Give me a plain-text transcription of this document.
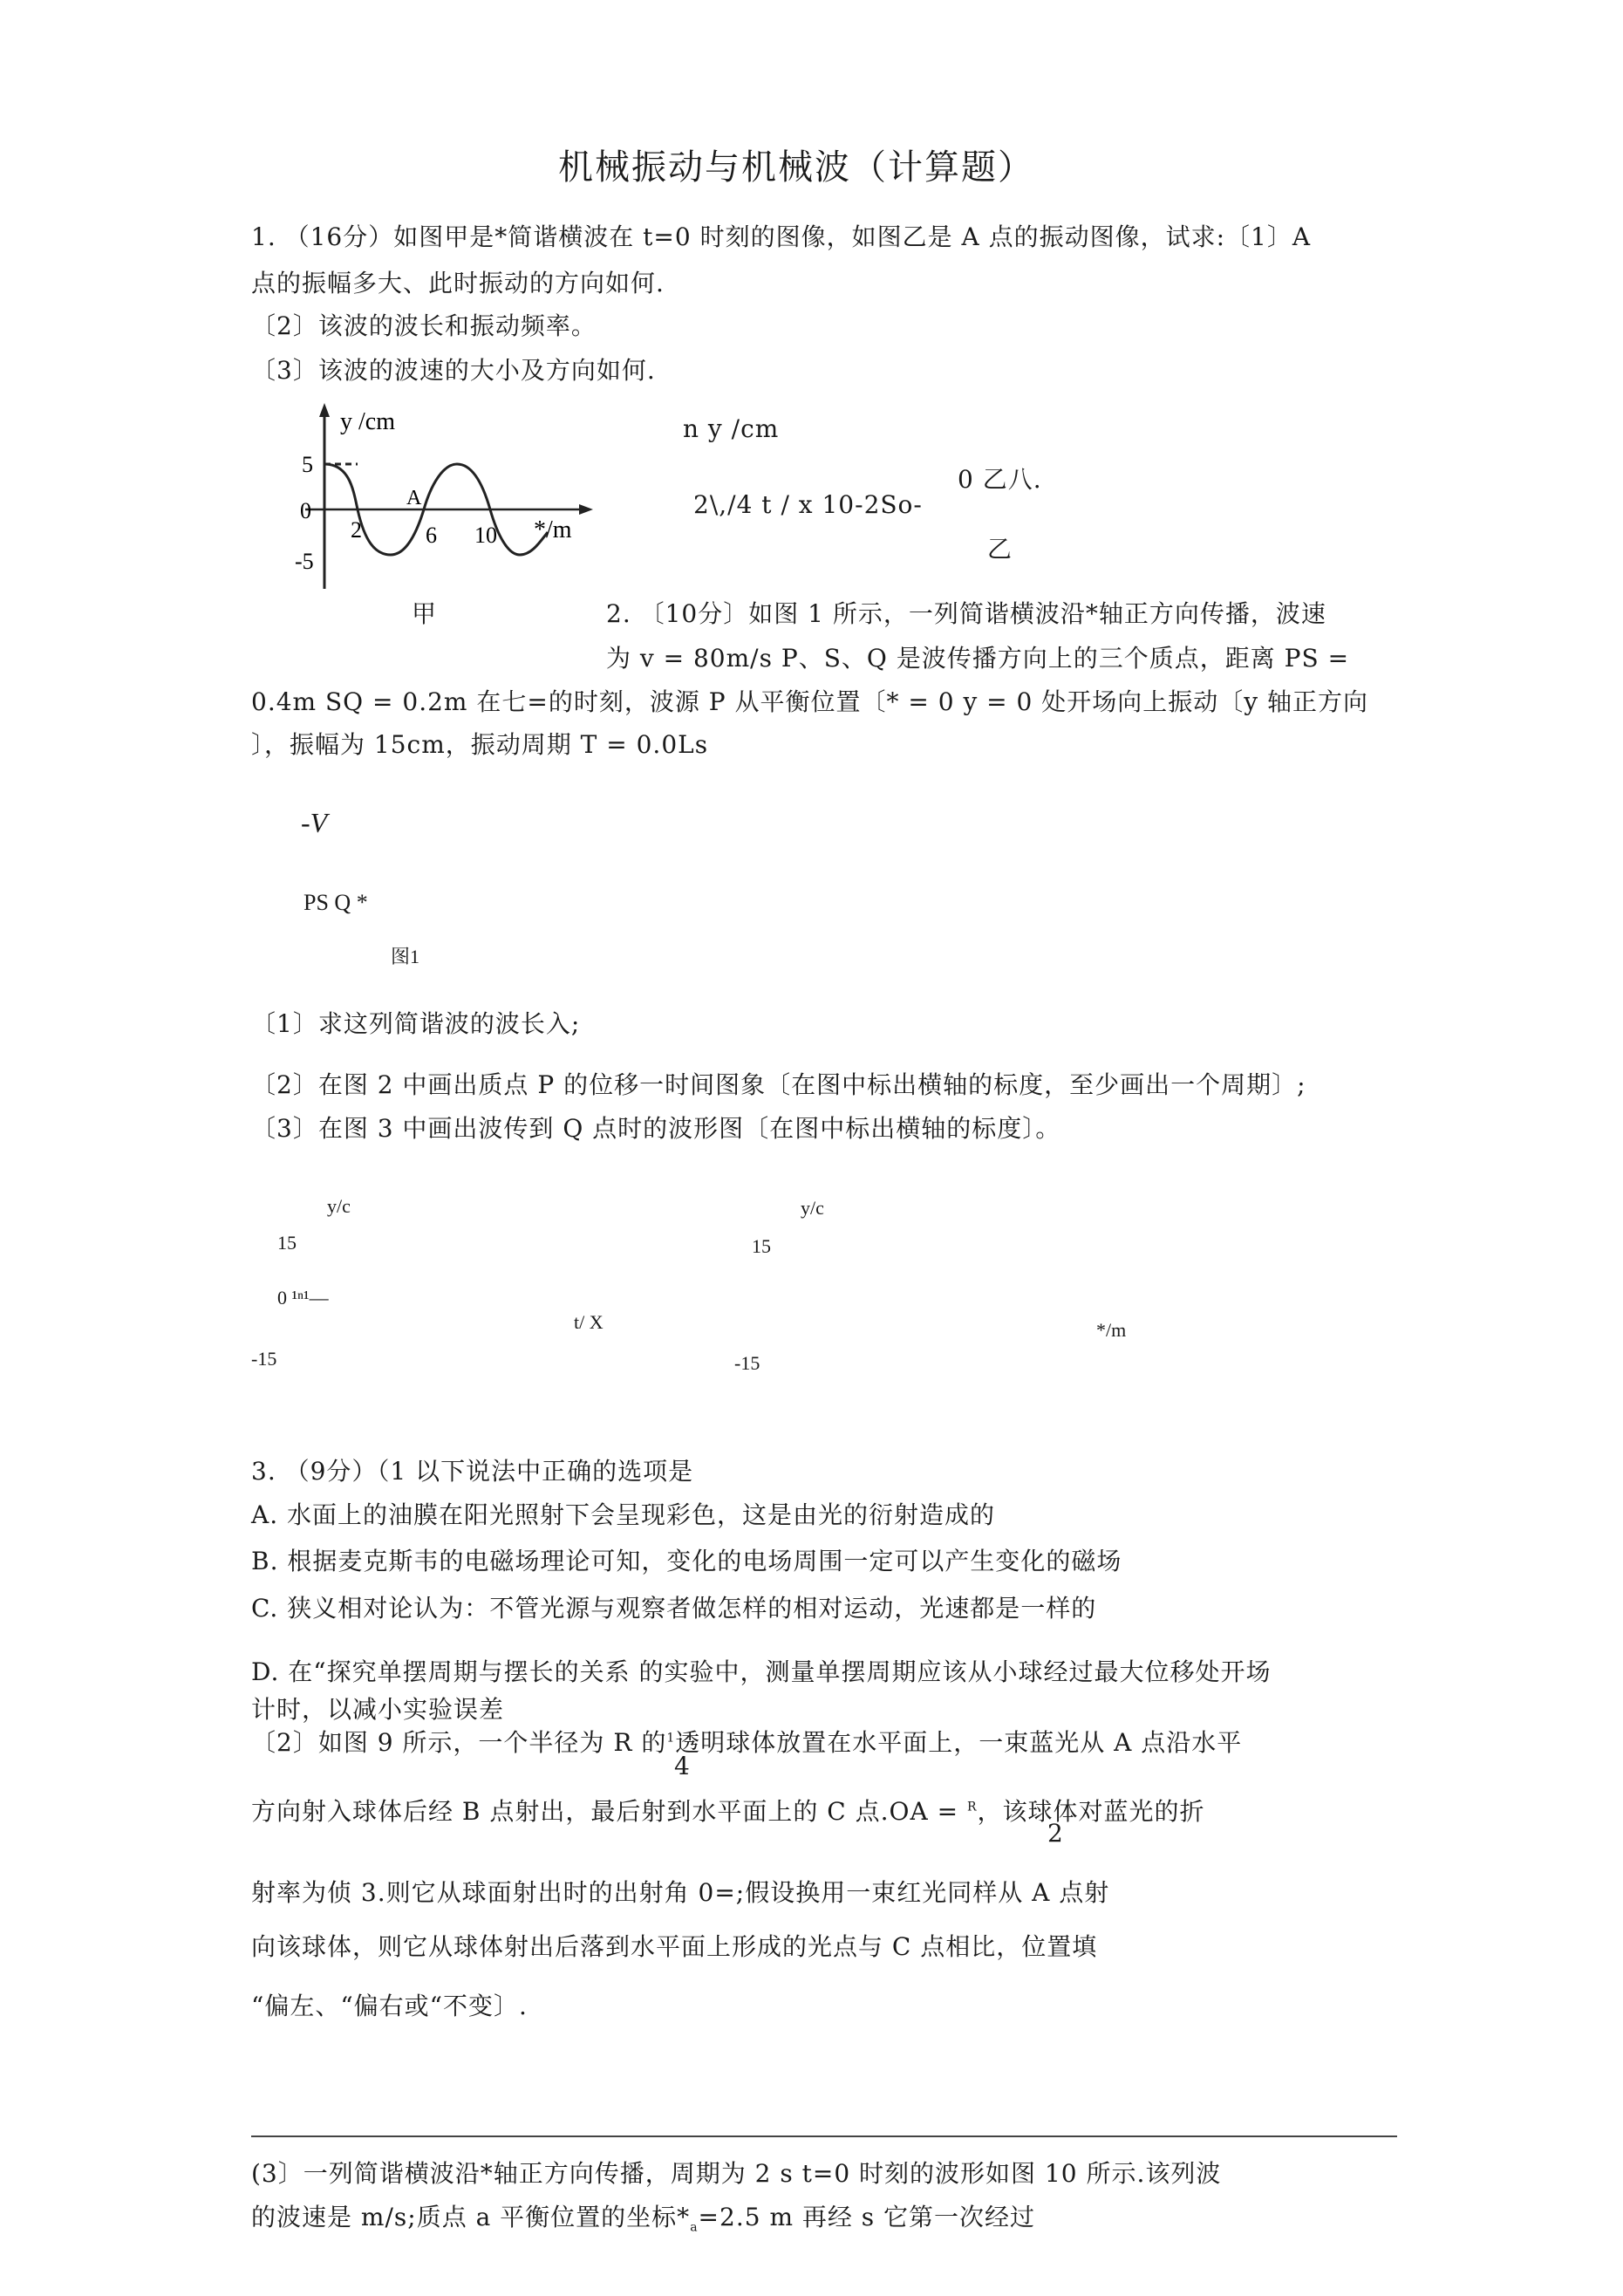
机械振动与机械波（计算题）
1. （16分）如图甲是*简谐横波在 t=0 时刻的图像，如图乙是 A 点的振动图像，试求:〔1〕A
点的振幅多大、此时振动的方向如何.
〔2〕该波的波长和振动频率。
〔3〕该波的波速的大小及方向如何.
y /cm
5
0
-5
2
A
6 10 */m
甲
n y /cm
0 乙八.
2\,/4 t / x 10-2So-
乙
2. 〔10分〕如图 1 所示，一列简谐横波沿*轴正方向传播，波速
为 v = 80m/s P、S、Q 是波传播方向上的三个质点，距离 PS =
0.4m SQ = 0.2m 在七=的时刻，波源 P 从平衡位置〔* = 0 y = 0 处开场向上振动〔y 轴正方向
〕，振幅为 15cm，振动周期 T = 0.0Ls
-V
PS Q *
图1
〔1〕求这列简谐波的波长入;
〔2〕在图 2 中画出质点 P 的位移一时间图象〔在图中标出横轴的标度，至少画出一个周期〕;
〔3〕在图 3 中画出波传到 Q 点时的波形图〔在图中标出横轴的标度〕。
y/c
15
0 ¹ⁿ¹—
t/ X
-15
y/c
15
*/m
-15
3. （9分）（1 以下说法中正确的选项是
A. 水面上的油膜在阳光照射下会呈现彩色，这是由光的衍射造成的
B. 根据麦克斯韦的电磁场理论可知，变化的电场周围一定可以产生变化的磁场
C. 狭义相对论认为：不管光源与观察者做怎样的相对运动，光速都是一样的
D. 在“探究单摆周期与摆长的关系 的实验中，测量单摆周期应该从小球经过最大位移处开场
计时，以减小实验误差
〔2〕如图 9 所示，一个半径为 R 的$^1$透明球体放置在水平面上，一束蓝光从 A 点沿水平
4
方向射入球体后经 B 点射出，最后射到水平面上的 C 点.OA = $^R$，该球体对蓝光的折
2
射率为侦 3.则它从球面射出时的出射角 0=;假设换用一束红光同样从 A 点射
向该球体，则它从球体射出后落到水平面上形成的光点与 C 点相比，位置填
“偏左、“偏右或“不变〕.
(3〕一列简谐横波沿*轴正方向传播，周期为 2 s t=0 时刻的波形如图 10 所示.该列波
的波速是 m/s;质点 a 平衡位置的坐标$*_a=2.5$ m 再经 s 它第一次经过
